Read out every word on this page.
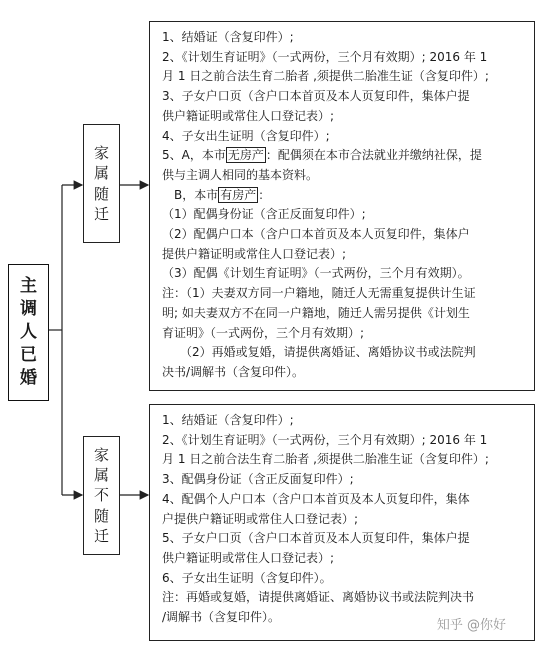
主
调
人
已
婚
家
属
随
迁
家
属
不
随
迁
1、结婚证（含复印件）;
2、《计划生育证明》（一式两份，三个月有效期）; 2016 年 1
月 1 日之前合法生育二胎者 ,须提供二胎准生证（含复印件）;
3、子女户口页（含户口本首页及本人页复印件，集体户提
供户籍证明或常住人口登记表）;
4、子女出生证明（含复印件）;
5、A，本市 无房产 ：配偶须在本市合法就业并缴纳社保，提
供与主调人相同的基本资料。
　B，本市 有房产 ：
（1）配偶身份证（含正反面复印件）;
（2）配偶户口本（含户口本首页及本人页复印件，集体户
提供户籍证明或常住人口登记表）;
（3）配偶《计划生育证明》（一式两份，三个月有效期）。
注：（1）夫妻双方同一户籍地，随迁人无需重复提供计生证
明; 如夫妻双方不在同一户籍地，随迁人需另提供《计划生
育证明》（一式两份，三个月有效期）;
　　（2）再婚或复婚，请提供离婚证、离婚协议书或法院判
决书/调解书（含复印件）。
1、结婚证（含复印件）;
2、《计划生育证明》（一式两份，三个月有效期）; 2016 年 1
月 1 日之前合法生育二胎者 ,须提供二胎准生证（含复印件）;
3、配偶身份证（含正反面复印件）;
4、配偶个人户口本（含户口本首页及本人页复印件，集体
户提供户籍证明或常住人口登记表）;
5、子女户口页（含户口本首页及本人页复印件，集体户提
供户籍证明或常住人口登记表）;
6、子女出生证明（含复印件）。
注：再婚或复婚，请提供离婚证、离婚协议书或法院判决书
/调解书（含复印件）。
知乎 @你好
